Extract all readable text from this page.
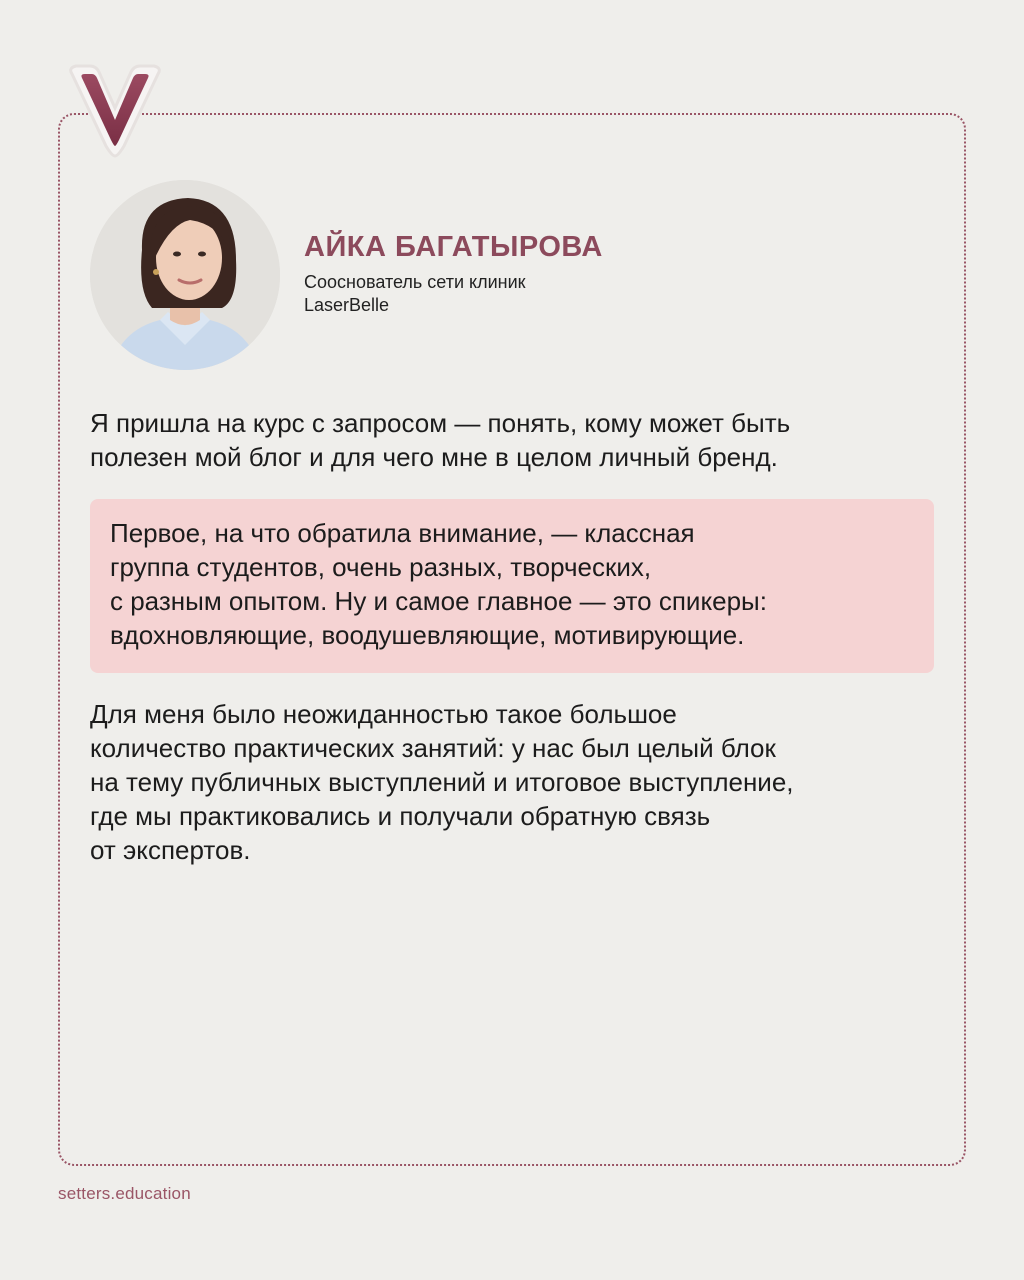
АЙКА БАГАТЫРОВА
Сооснователь сети клиник
LaserBelle
Я пришла на курс с запросом — понять, кому может быть
полезен мой блог и для чего мне в целом личный бренд.
Первое, на что обратила внимание, — классная
группа студентов, очень разных, творческих,
с разным опытом. Ну и самое главное — это спикеры:
вдохновляющие, воодушевляющие, мотивирующие.
Для меня было неожиданностью такое большое
количество практических занятий: у нас был целый блок
на тему публичных выступлений и итоговое выступление,
где мы практиковались и получали обратную связь
от экспертов.
setters.education
